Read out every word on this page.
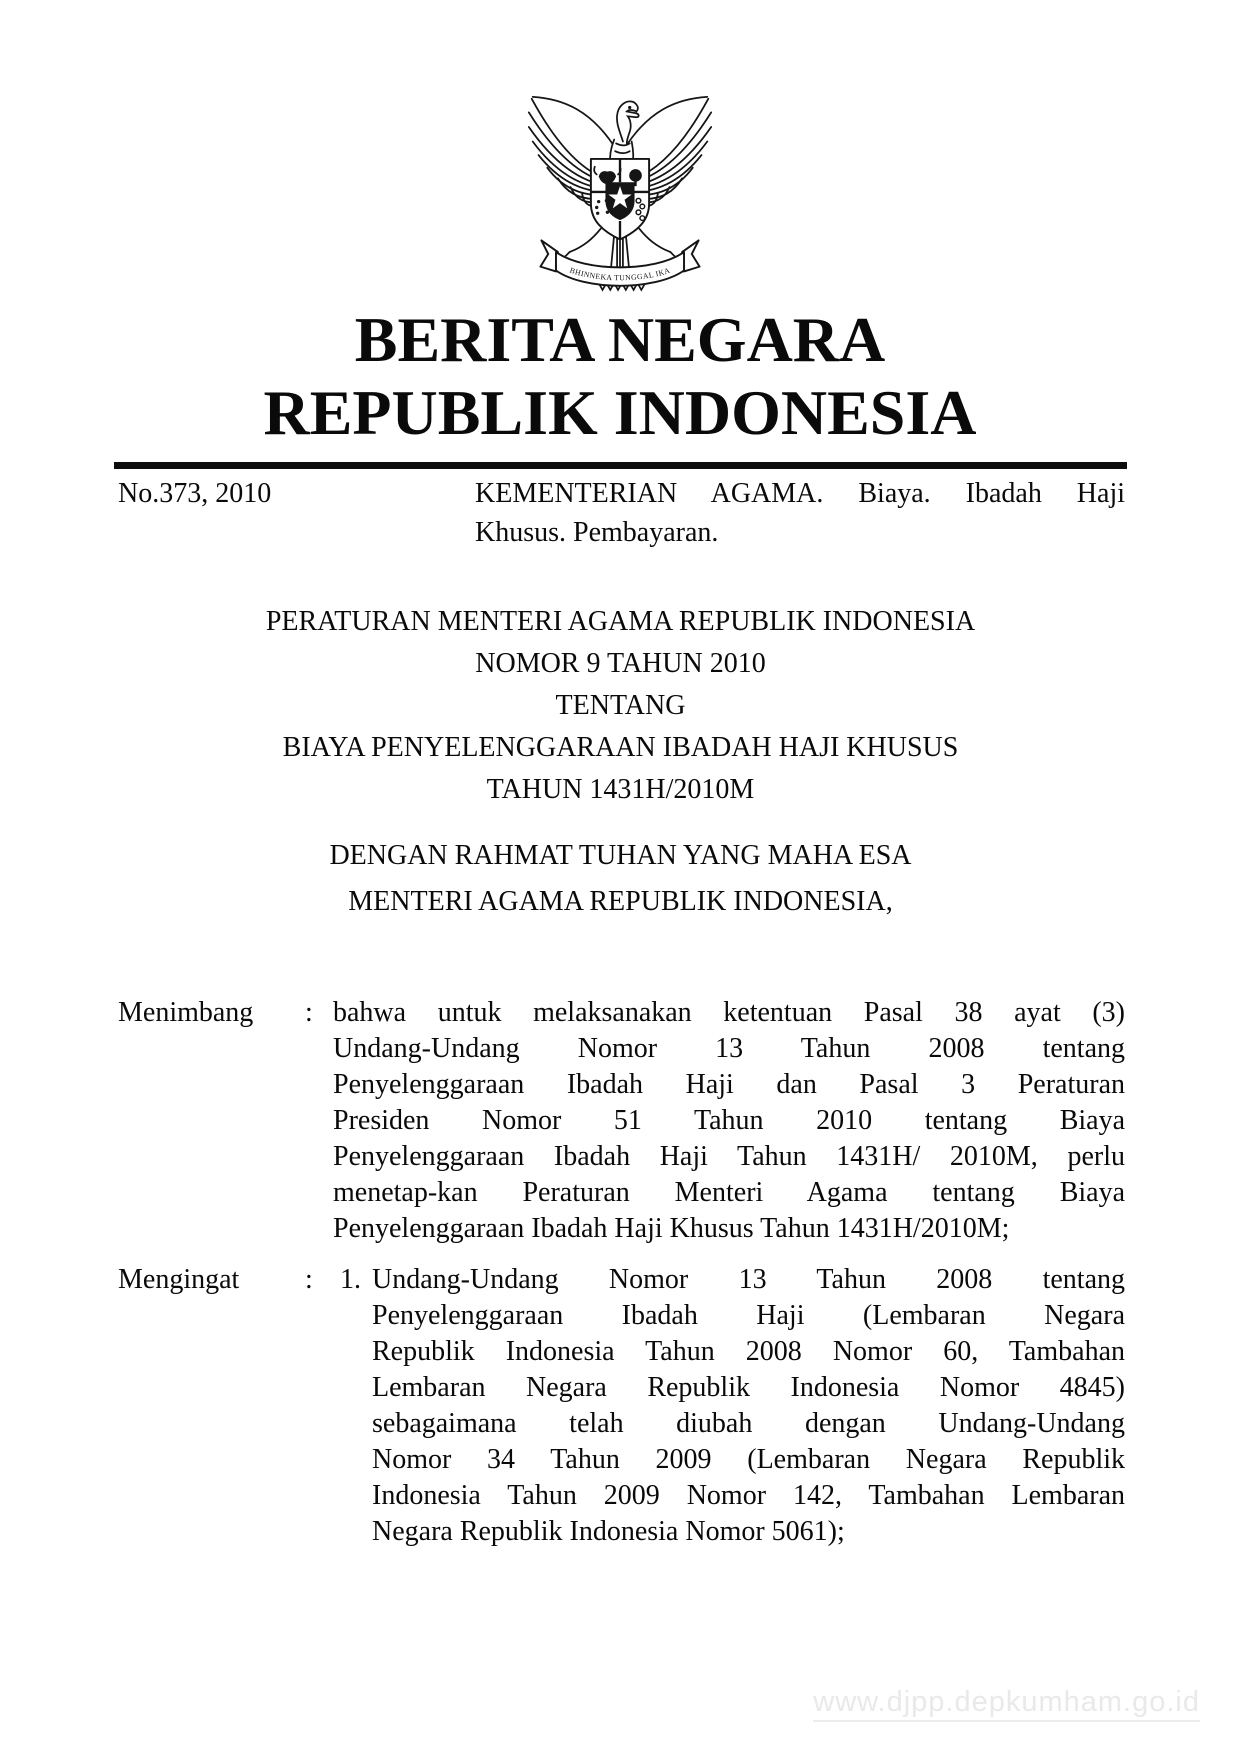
BHINNEKA TUNGGAL IKA
BERITA NEGARA
REPUBLIK INDONESIA
No.373, 2010	KEMENTERIAN AGAMA. Biaya. Ibadah Haji
Khusus. Pembayaran.
PERATURAN MENTERI AGAMA REPUBLIK INDONESIA
NOMOR 9 TAHUN 2010
TENTANG
BIAYA PENYELENGGARAAN IBADAH HAJI KHUSUS
TAHUN 1431H/2010M
DENGAN RAHMAT TUHAN YANG MAHA ESA
MENTERI AGAMA REPUBLIK INDONESIA,
Menimbang : bahwa untuk melaksanakan ketentuan Pasal 38 ayat (3)
Undang-Undang Nomor 13 Tahun 2008 tentang
Penyelenggaraan Ibadah Haji dan Pasal 3 Peraturan
Presiden Nomor 51 Tahun 2010 tentang Biaya
Penyelenggaraan Ibadah Haji Tahun 1431H/ 2010M, perlu
menetap-kan Peraturan Menteri Agama tentang Biaya
Penyelenggaraan Ibadah Haji Khusus Tahun 1431H/2010M;
Mengingat : 1. Undang-Undang Nomor 13 Tahun 2008 tentang
Penyelenggaraan Ibadah Haji (Lembaran Negara
Republik Indonesia Tahun 2008 Nomor 60, Tambahan
Lembaran Negara Republik Indonesia Nomor 4845)
sebagaimana telah diubah dengan Undang-Undang
Nomor 34 Tahun 2009 (Lembaran Negara Republik
Indonesia Tahun 2009 Nomor 142, Tambahan Lembaran
Negara Republik Indonesia Nomor 5061);
www.djpp.depkumham.go.id
